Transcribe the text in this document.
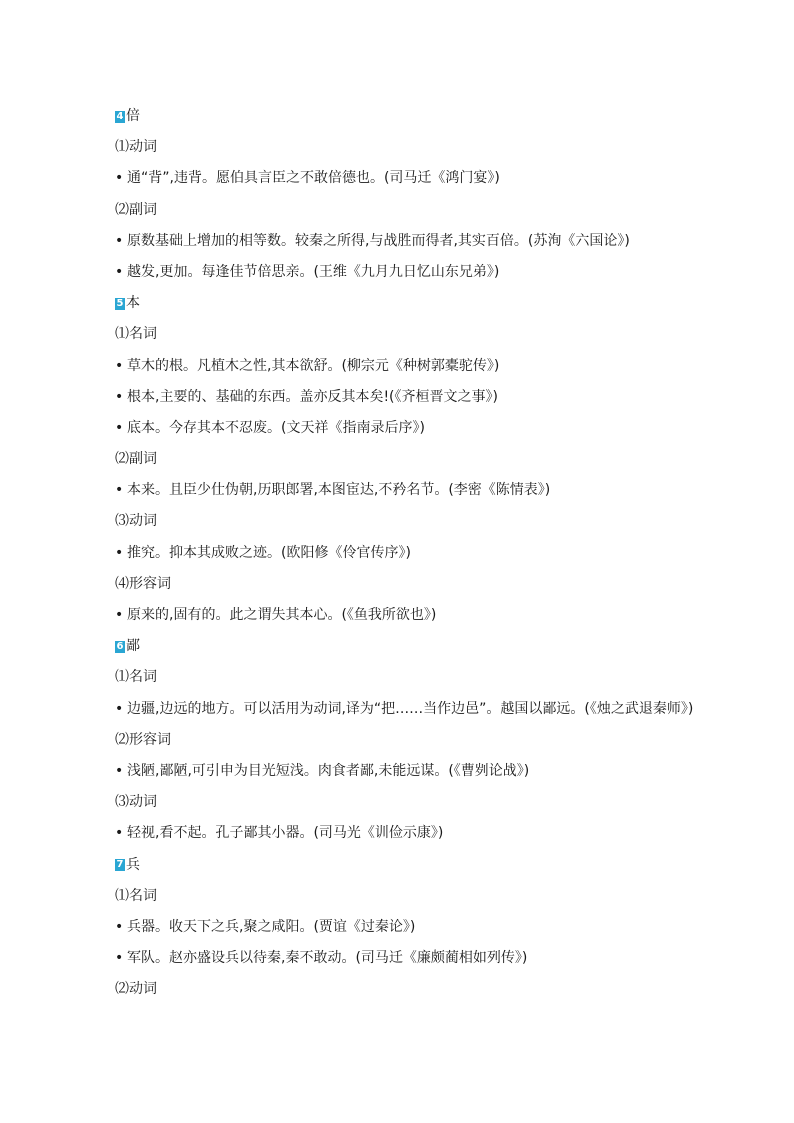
4 倍
⑴动词
• 通“背”,违背。愿伯具言臣之不敢倍德也。(司马迁《鸿门宴》)
⑵副词
• 原数基础上增加的相等数。较秦之所得,与战胜而得者,其实百倍。(苏洵《六国论》)
• 越发,更加。每逢佳节倍思亲。(王维《九月九日忆山东兄弟》)
5 本
⑴名词
• 草木的根。凡植木之性,其本欲舒。(柳宗元《种树郭橐驼传》)
• 根本,主要的、基础的东西。盖亦反其本矣!(《齐桓晋文之事》)
• 底本。今存其本不忍废。(文天祥《指南录后序》)
⑵副词
• 本来。且臣少仕伪朝,历职郎署,本图宦达,不矜名节。(李密《陈情表》)
⑶动词
• 推究。抑本其成败之迹。(欧阳修《伶官传序》)
⑷形容词
• 原来的,固有的。此之谓失其本心。(《鱼我所欲也》)
6 鄙
⑴名词
• 边疆,边远的地方。可以活用为动词,译为“把……当作边邑”。越国以鄙远。(《烛之武退秦师》)
⑵形容词
• 浅陋,鄙陋,可引申为目光短浅。肉食者鄙,未能远谋。(《曹刿论战》)
⑶动词
• 轻视,看不起。孔子鄙其小器。(司马光《训俭示康》)
7 兵
⑴名词
• 兵器。收天下之兵,聚之咸阳。(贾谊《过秦论》)
• 军队。赵亦盛设兵以待秦,秦不敢动。(司马迁《廉颇蔺相如列传》)
⑵动词
